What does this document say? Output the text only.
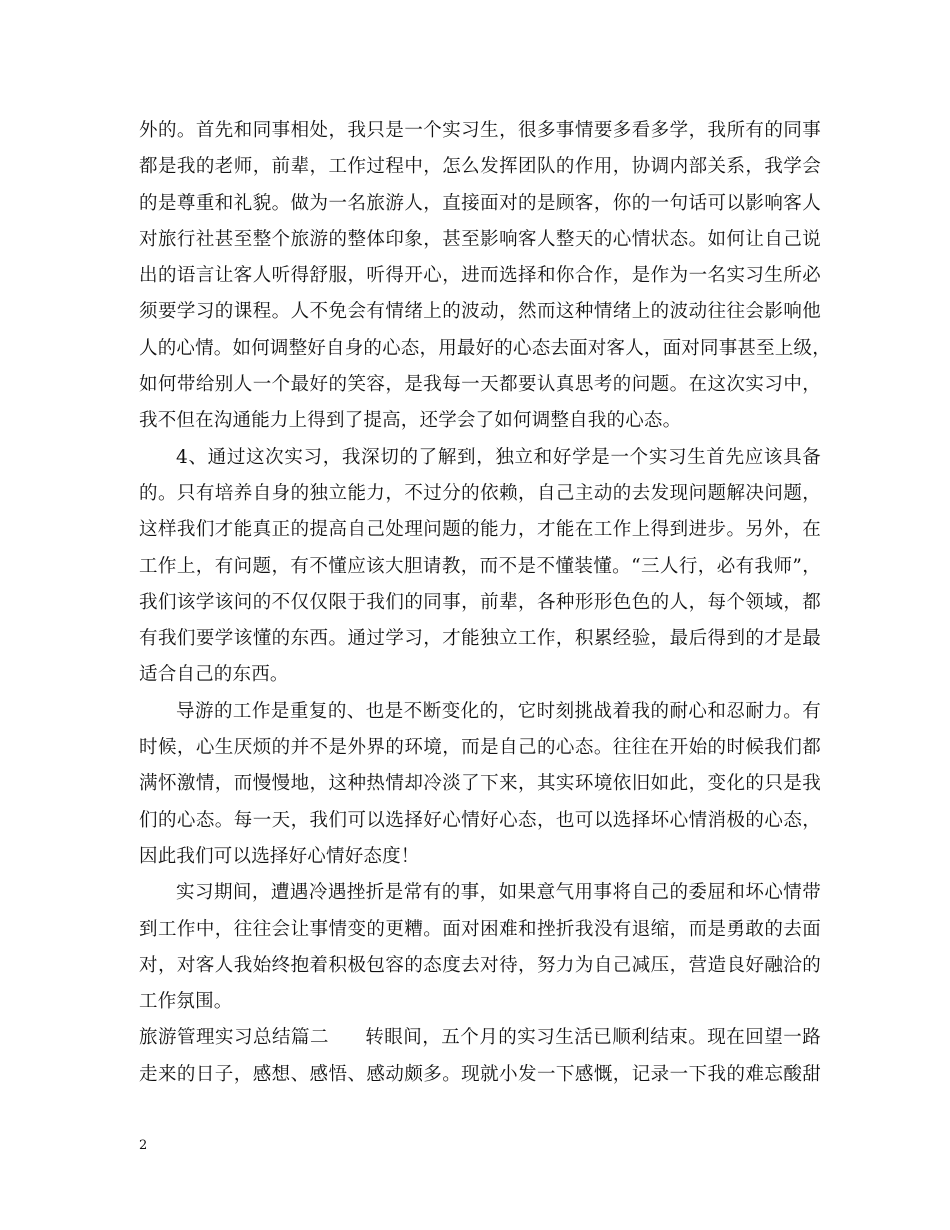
外的。首先和同事相处，我只是一个实习生，很多事情要多看多学，我所有的同事
都是我的老师，前辈，工作过程中，怎么发挥团队的作用，协调内部关系，我学会
的是尊重和礼貌。做为一名旅游人，直接面对的是顾客，你的一句话可以影响客人
对旅行社甚至整个旅游的整体印象，甚至影响客人整天的心情状态。如何让自己说
出的语言让客人听得舒服，听得开心，进而选择和你合作，是作为一名实习生所必
须要学习的课程。人不免会有情绪上的波动，然而这种情绪上的波动往往会影响他
人的心情。如何调整好自身的心态，用最好的心态去面对客人，面对同事甚至上级，
如何带给别人一个最好的笑容，是我每一天都要认真思考的问题。在这次实习中，
我不但在沟通能力上得到了提高，还学会了如何调整自我的心态。
4、通过这次实习，我深切的了解到，独立和好学是一个实习生首先应该具备
的。只有培养自身的独立能力，不过分的依赖，自己主动的去发现问题解决问题，
这样我们才能真正的提高自己处理问题的能力，才能在工作上得到进步。另外，在
工作上，有问题，有不懂应该大胆请教，而不是不懂装懂。“三人行，必有我师”，
我们该学该问的不仅仅限于我们的同事，前辈，各种形形色色的人，每个领域，都
有我们要学该懂的东西。通过学习，才能独立工作，积累经验，最后得到的才是最
适合自己的东西。
导游的工作是重复的、也是不断变化的，它时刻挑战着我的耐心和忍耐力。有
时候，心生厌烦的并不是外界的环境，而是自己的心态。往往在开始的时候我们都
满怀激情，而慢慢地，这种热情却冷淡了下来，其实环境依旧如此，变化的只是我
们的心态。每一天，我们可以选择好心情好心态，也可以选择坏心情消极的心态，
因此我们可以选择好心情好态度！
实习期间，遭遇冷遇挫折是常有的事，如果意气用事将自己的委屈和坏心情带
到工作中，往往会让事情变的更糟。面对困难和挫折我没有退缩，而是勇敢的去面
对，对客人我始终抱着积极包容的态度去对待，努力为自己减压，营造良好融洽的
工作氛围。
旅游管理实习总结篇二 转眼间，五个月的实习生活已顺利结束。现在回望一路
走来的日子，感想、感悟、感动颇多。现就小发一下感慨，记录一下我的难忘酸甜
2
